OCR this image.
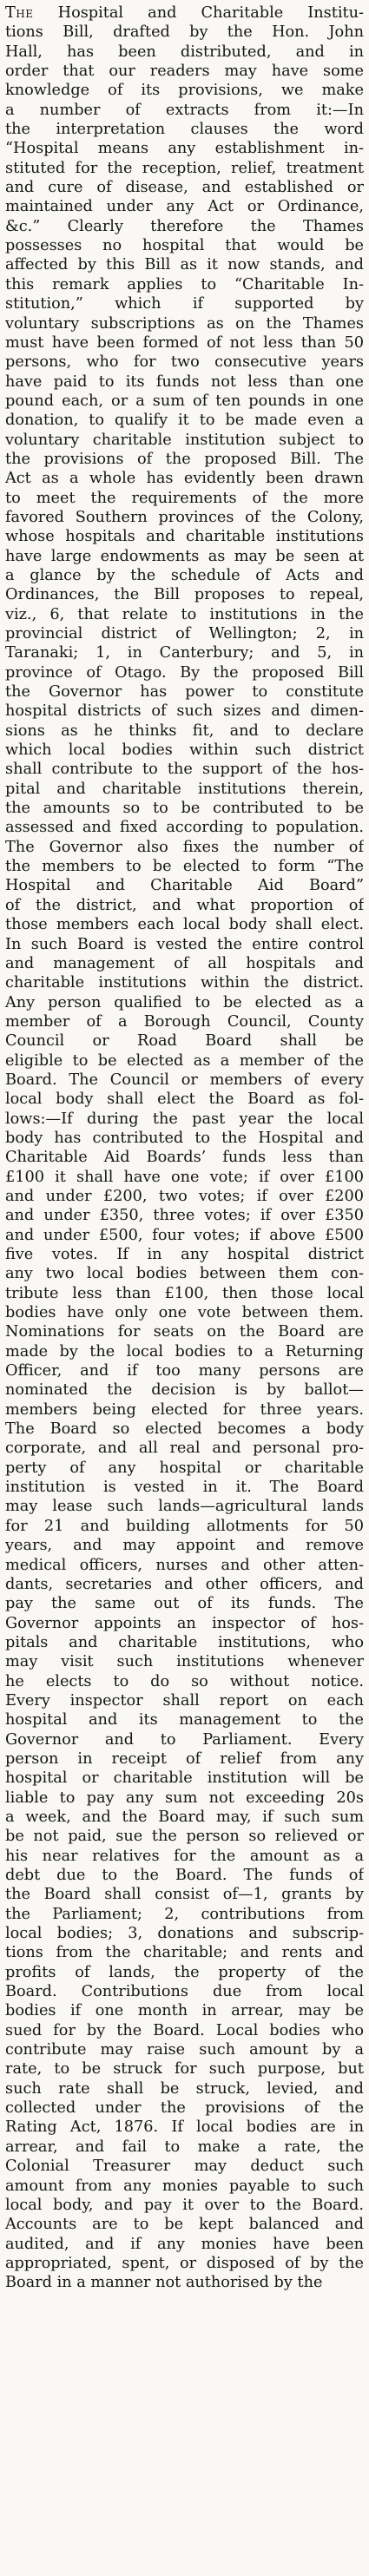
The Hospital and Charitable Institu-
tions Bill, drafted by the Hon. John
Hall, has been distributed, and in
order that our readers may have some
knowledge of its provisions, we make
a number of extracts from it:—In
the interpretation clauses the word
“Hospital means any establishment in-
stituted for the reception, relief, treatment
and cure of disease, and established or
maintained under any Act or Ordinance,
&c.” Clearly therefore the Thames
possesses no hospital that would be
affected by this Bill as it now stands, and
this remark applies to “Charitable In-
stitution,” which if supported by
voluntary subscriptions as on the Thames
must have been formed of not less than 50
persons, who for two consecutive years
have paid to its funds not less than one
pound each, or a sum of ten pounds in one
donation, to qualify it to be made even a
voluntary charitable institution subject to
the provisions of the proposed Bill. The
Act as a whole has evidently been drawn
to meet the requirements of the more
favored Southern provinces of the Colony,
whose hospitals and charitable institutions
have large endowments as may be seen at
a glance by the schedule of Acts and
Ordinances, the Bill proposes to repeal,
viz., 6, that relate to institutions in the
provincial district of Wellington; 2, in
Taranaki; 1, in Canterbury; and 5, in
province of Otago. By the proposed Bill
the Governor has power to constitute
hospital districts of such sizes and dimen-
sions as he thinks fit, and to declare
which local bodies within such district
shall contribute to the support of the hos-
pital and charitable institutions therein,
the amounts so to be contributed to be
assessed and fixed according to population.
The Governor also fixes the number of
the members to be elected to form “The
Hospital and Charitable Aid Board”
of the district, and what proportion of
those members each local body shall elect.
In such Board is vested the entire control
and management of all hospitals and
charitable institutions within the district.
Any person qualified to be elected as a
member of a Borough Council, County
Council or Road Board shall be
eligible to be elected as a member of the
Board. The Council or members of every
local body shall elect the Board as fol-
lows:—If during the past year the local
body has contributed to the Hospital and
Charitable Aid Boards’ funds less than
£100 it shall have one vote; if over £100
and under £200, two votes; if over £200
and under £350, three votes; if over £350
and under £500, four votes; if above £500
five votes. If in any hospital district
any two local bodies between them con-
tribute less than £100, then those local
bodies have only one vote between them.
Nominations for seats on the Board are
made by the local bodies to a Returning
Officer, and if too many persons are
nominated the decision is by ballot—
members being elected for three years.
The Board so elected becomes a body
corporate, and all real and personal pro-
perty of any hospital or charitable
institution is vested in it. The Board
may lease such lands—agricultural lands
for 21 and building allotments for 50
years, and may appoint and remove
medical officers, nurses and other atten-
dants, secretaries and other officers, and
pay the same out of its funds. The
Governor appoints an inspector of hos-
pitals and charitable institutions, who
may visit such institutions whenever
he elects to do so without notice.
Every inspector shall report on each
hospital and its management to the
Governor and to Parliament. Every
person in receipt of relief from any
hospital or charitable institution will be
liable to pay any sum not exceeding 20s
a week, and the Board may, if such sum
be not paid, sue the person so relieved or
his near relatives for the amount as a
debt due to the Board. The funds of
the Board shall consist of—1, grants by
the Parliament; 2, contributions from
local bodies; 3, donations and subscrip-
tions from the charitable; and rents and
profits of lands, the property of the
Board. Contributions due from local
bodies if one month in arrear, may be
sued for by the Board. Local bodies who
contribute may raise such amount by a
rate, to be struck for such purpose, but
such rate shall be struck, levied, and
collected under the provisions of the
Rating Act, 1876. If local bodies are in
arrear, and fail to make a rate, the
Colonial Treasurer may deduct such
amount from any monies payable to such
local body, and pay it over to the Board.
Accounts are to be kept balanced and
audited, and if any monies have been
appropriated, spent, or disposed of by the
Board in a manner not authorised by the
